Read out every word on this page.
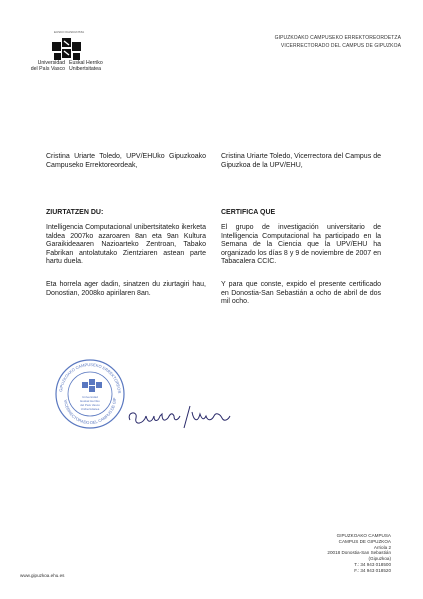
EUSKO IKASKUNTZA
Universidad
del País Vasco
Euskal Herriko
Unibertsitatea
GIPUZKOAKO CAMPUSEKO ERREKTOREORDETZA
VICERRECTORADO DEL CAMPUS DE GIPUZKOA
Cristina Uriarte Toledo, UPV/EHUko Gipuzkoako Campuseko Errektoreordeak,
ZIURTATZEN DU:
Intelligencia Computacional unibertsitateko ikerketa taldea 2007ko azaroaren 8an eta 9an Kultura Garaikideaaren Nazioarteko Zentroan, Tabako Fabrikan antolatutako Zientziaren astean parte hartu duela.
Eta horrela ager dadin, sinatzen du ziurtagiri hau, Donostian, 2008ko apirilaren 8an.
Cristina Uriarte Toledo, Vicerrectora del Campus de Gipuzkoa de la UPV/EHU,
CERTIFICA QUE
El grupo de investigación universitario de Intelligencia Computacional ha participado en la Semana de la Ciencia que la UPV/EHU ha organizado los días 8 y 9 de noviembre de 2007 en Tabacalera CCIC.
Y para que conste, expido el presente certificado en Donostia-San Sebastián a ocho de abril de dos mil ocho.
GIPUZKOAKO CAMPUSEKO ERREKTOREOR
VICERRECTORADO DEL CAMPUS DE GIP
Universidad
Euskal Herriko
del País Vasco
Unibertsitatea
GIPUZKOAKO CAMPUSA
CAMPUS DE GIPUZKOA
Arriola 2
20018 Donostia-San Sebastián
(Gipuzkoa)
T.: 34 943 018500
F.: 34 943 018520
www.gipuzkoa.ehu.es
